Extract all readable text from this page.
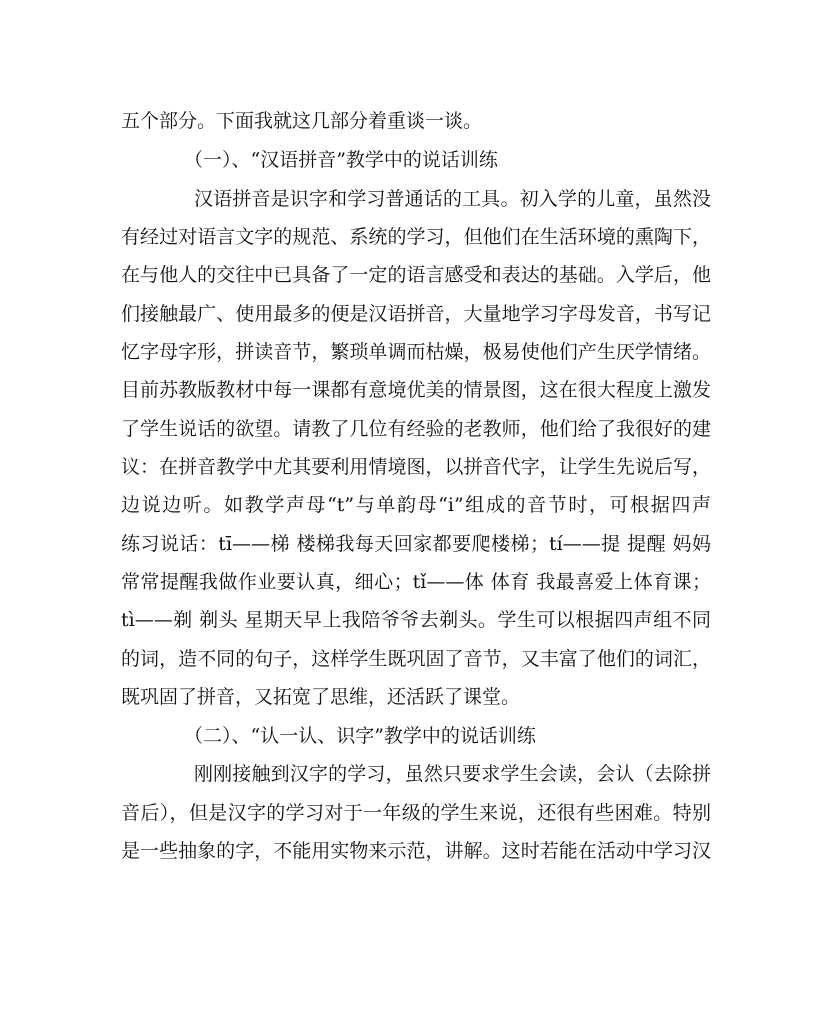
五个部分。下面我就这几部分着重谈一谈。
（一）、“汉语拼音”教学中的说话训练
汉语拼音是识字和学习普通话的工具。初入学的儿童，虽然没
有经过对语言文字的规范、系统的学习，但他们在生活环境的熏陶下，
在与他人的交往中已具备了一定的语言感受和表达的基础。入学后，他
们接触最广、使用最多的便是汉语拼音，大量地学习字母发音，书写记
忆字母字形，拼读音节，繁琐单调而枯燥，极易使他们产生厌学情绪。
目前苏教版教材中每一课都有意境优美的情景图，这在很大程度上激发
了学生说话的欲望。请教了几位有经验的老教师，他们给了我很好的建
议：在拼音教学中尤其要利用情境图，以拼音代字，让学生先说后写，
边说边听。如教学声母“t”与单韵母“i”组成的音节时，可根据四声
练习说话：tī——梯 楼梯我每天回家都要爬楼梯；tí——提 提醒 妈妈
常常提醒我做作业要认真，细心；tǐ——体 体育 我最喜爱上体育课；
tì——剃 剃头 星期天早上我陪爷爷去剃头。学生可以根据四声组不同
的词，造不同的句子，这样学生既巩固了音节，又丰富了他们的词汇，
既巩固了拼音，又拓宽了思维，还活跃了课堂。
（二）、“认一认、识字”教学中的说话训练
刚刚接触到汉字的学习，虽然只要求学生会读，会认（去除拼
音后），但是汉字的学习对于一年级的学生来说，还很有些困难。特别
是一些抽象的字，不能用实物来示范，讲解。这时若能在活动中学习汉
